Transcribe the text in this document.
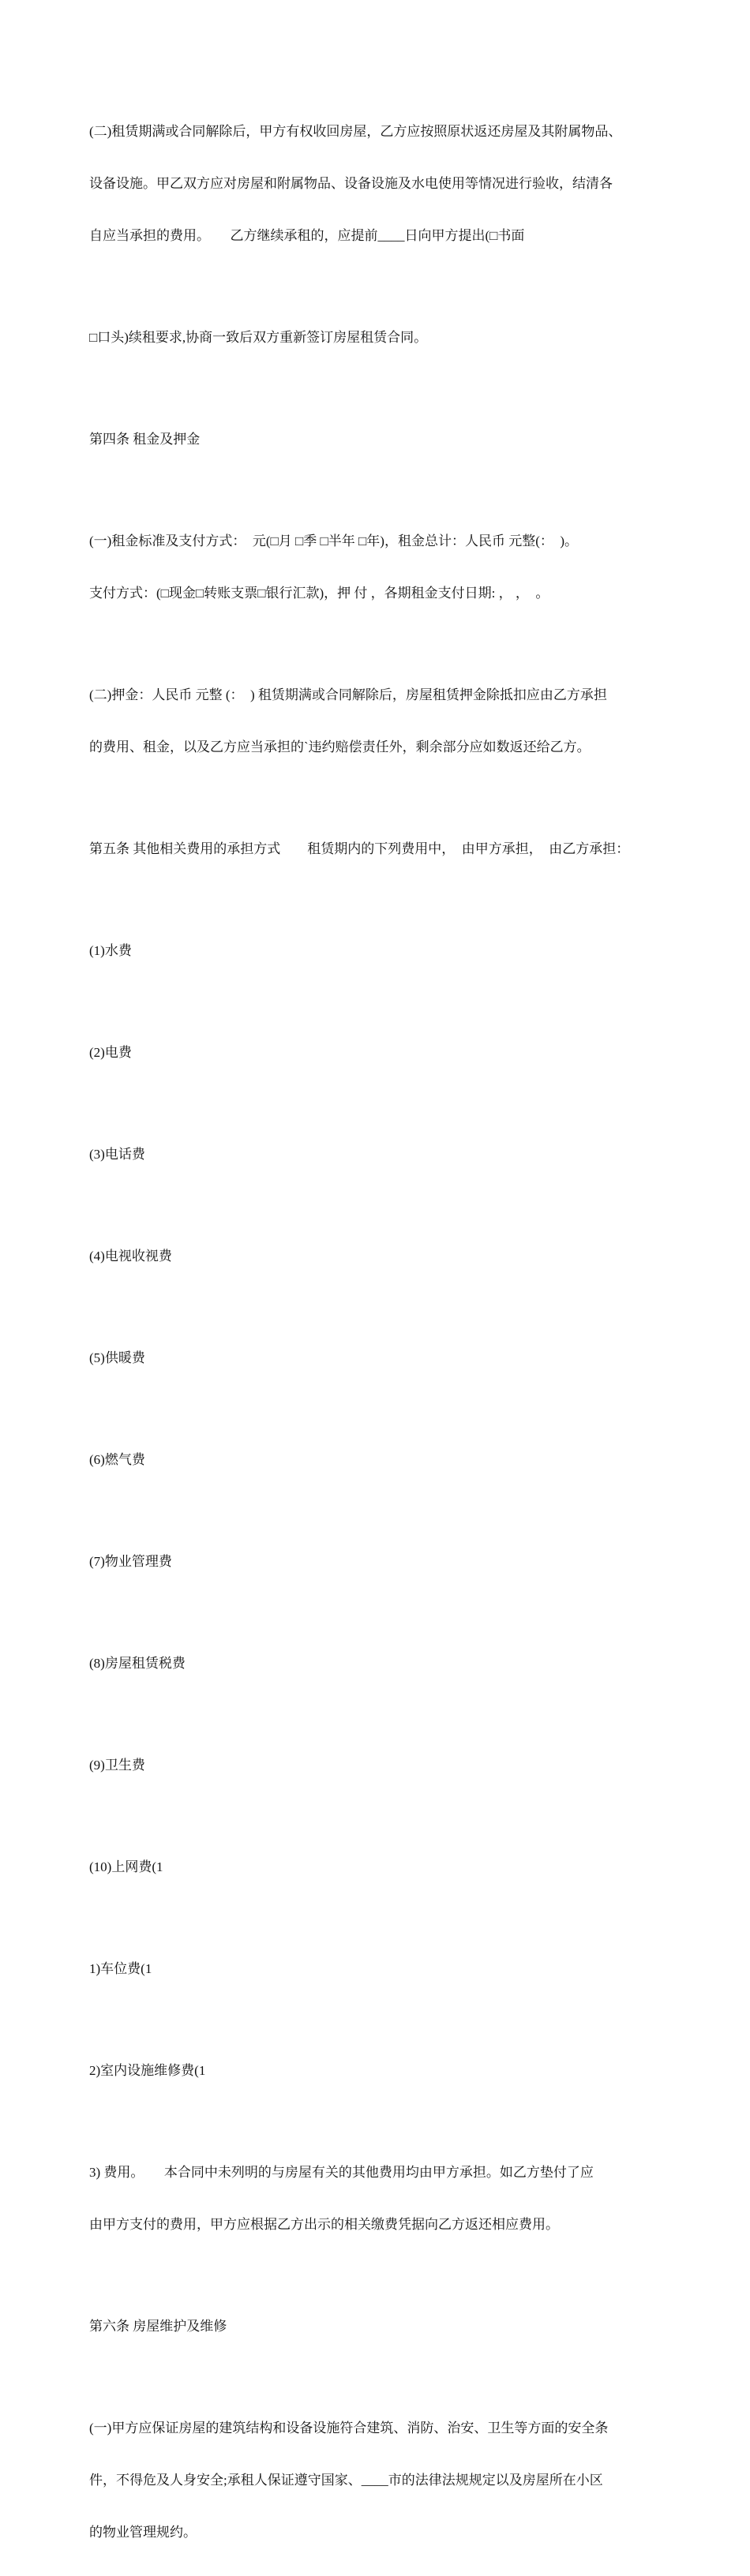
(二)租赁期满或合同解除后，甲方有权收回房屋，乙方应按照原状返还房屋及其附属物品、

设备设施。甲乙双方应对房屋和附属物品、设备设施及水电使用等情况进行验收，结清各

自应当承担的费用。　　乙方继续承租的，应提前____日向甲方提出(□书面

□口头)续租要求,协商一致后双方重新签订房屋租赁合同。

第四条 租金及押金

(一)租金标准及支付方式：  元(□月 □季 □半年 □年)，租金总计：人民币 元整(：  )。

支付方式：(□现金□转账支票□银行汇款)，押 付 ，各期租金支付日期: ， ，  。

(二)押金：人民币 元整 (：  ) 租赁期满或合同解除后，房屋租赁押金除抵扣应由乙方承担

的费用、租金，以及乙方应当承担的`违约赔偿责任外，剩余部分应如数返还给乙方。

第五条 其他相关费用的承担方式　　租赁期内的下列费用中，  由甲方承担，  由乙方承担：

(1)水费

(2)电费

(3)电话费

(4)电视收视费

(5)供暖费

(6)燃气费

(7)物业管理费

(8)房屋租赁税费

(9)卫生费

(10)上网费(1

1)车位费(1

2)室内设施维修费(1

3) 费用。　　本合同中未列明的与房屋有关的其他费用均由甲方承担。如乙方垫付了应

由甲方支付的费用，甲方应根据乙方出示的相关缴费凭据向乙方返还相应费用。

第六条 房屋维护及维修

(一)甲方应保证房屋的建筑结构和设备设施符合建筑、消防、治安、卫生等方面的安全条

件，不得危及人身安全;承租人保证遵守国家、____市的法律法规规定以及房屋所在小区

的物业管理规约。
